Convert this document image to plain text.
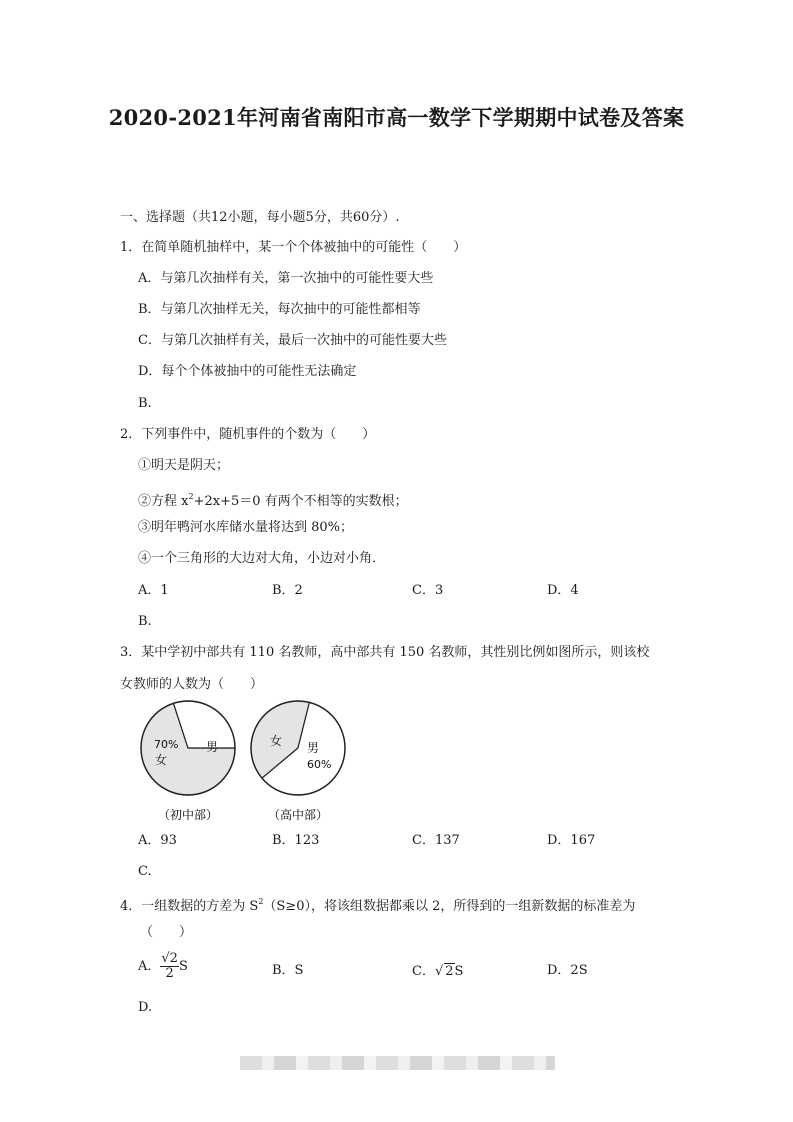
2020-2021年河南省南阳市高一数学下学期期中试卷及答案
一、选择题（共12小题，每小题5分，共60分）.
1．在简单随机抽样中，某一个个体被抽中的可能性（　　）
A．与第几次抽样有关，第一次抽中的可能性要大些
B．与第几次抽样无关，每次抽中的可能性都相等
C．与第几次抽样有关，最后一次抽中的可能性要大些
D．每个个体被抽中的可能性无法确定
B.
2．下列事件中，随机事件的个数为（　　）
①明天是阴天；
②方程 $x^2+2x+5=0$ 有两个不相等的实数根；
③明年鸭河水库储水量将达到 80%；
④一个三角形的大边对大角，小边对小角．
A．1	B．2	C．3	D．4
B.
3．某中学初中部共有 110 名教师，高中部共有 150 名教师，其性别比例如图所示，则该校
女教师的人数为（　　）
70%
女
男	女 男
60%
（初中部）	（高中部）
A．93	B．123	C．137	D．167
C.
4．一组数据的方差为 $S^2(S\ge 0)$，将该组数据都乘以 2，所得到的一组新数据的标准差为
（　　）
A． $\frac{√2}{2}$ S	B．S	C．√ 2S	D．2S
D.
